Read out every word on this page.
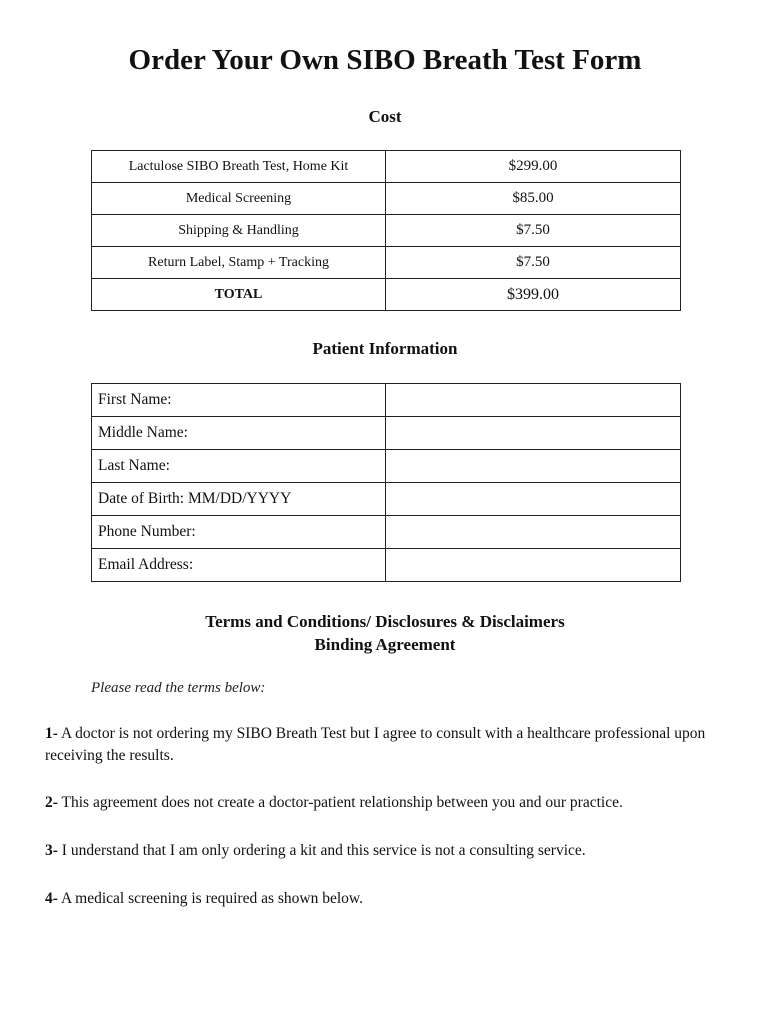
Order Your Own SIBO Breath Test Form
Cost
Lactulose SIBO Breath Test, Home Kit	$299.00
Medical Screening	$85.00
Shipping & Handling	$7.50
Return Label, Stamp + Tracking	$7.50
TOTAL	$399.00
Patient Information
First Name:	
Middle Name:	
Last Name:	
Date of Birth: MM/DD/YYYY	
Phone Number:	
Email Address:	
Terms and Conditions/ Disclosures & Disclaimers
Binding Agreement

Please read the terms below:

1- A doctor is not ordering my SIBO Breath Test but I agree to consult with a healthcare professional upon receiving the results.

2- This agreement does not create a doctor-patient relationship between you and our practice.

3- I understand that I am only ordering a kit and this service is not a consulting service.

4- A medical screening is required as shown below.
